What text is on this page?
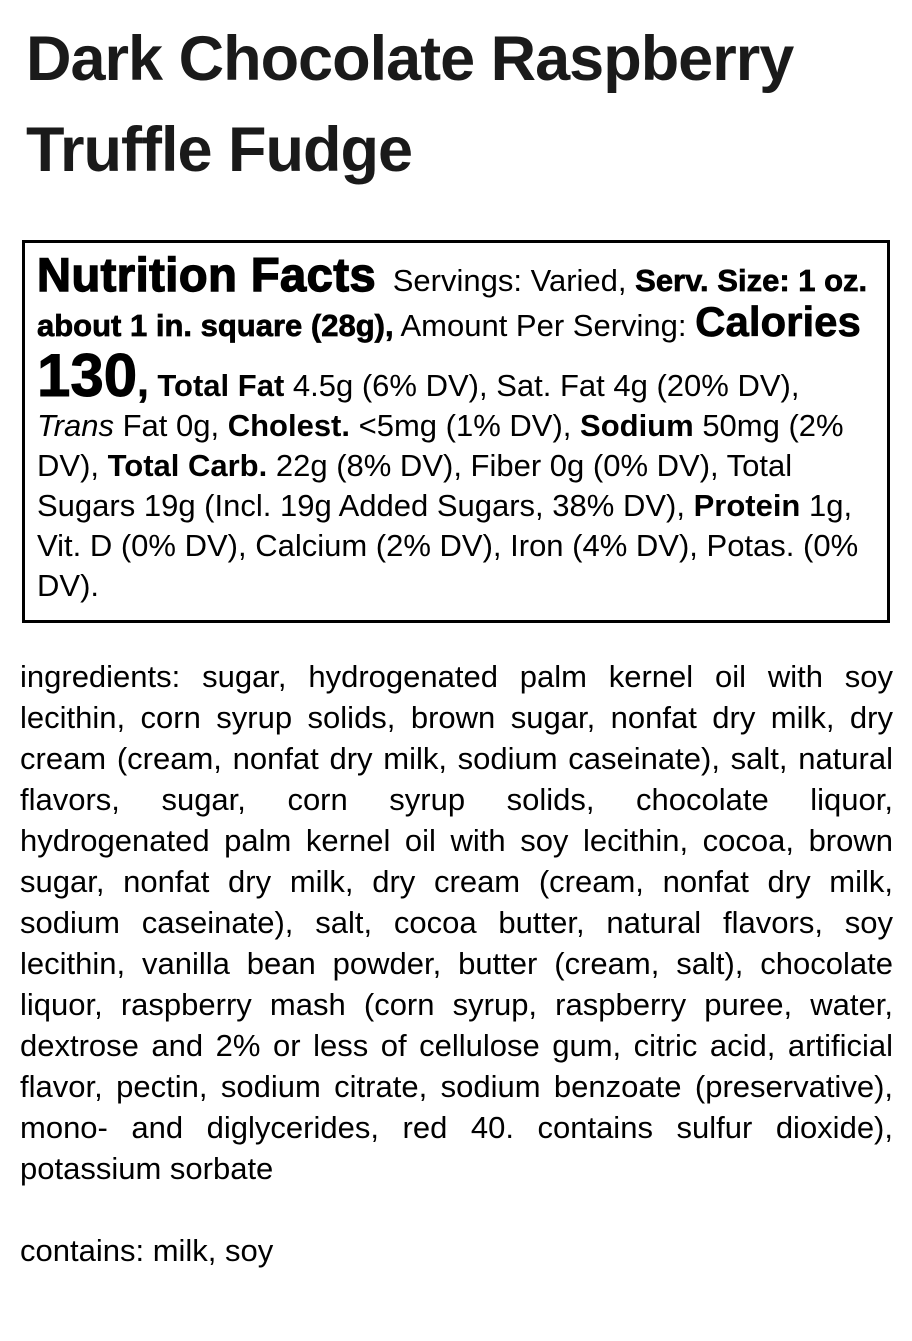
Dark Chocolate Raspberry Truffle Fudge

Nutrition Facts Servings: Varied, Serv. Size: 1 oz. about 1 in. square (28g), Amount Per Serving: Calories 130, Total Fat 4.5g (6% DV), Sat. Fat 4g (20% DV), Trans Fat 0g, Cholest. <5mg (1% DV), Sodium 50mg (2% DV), Total Carb. 22g (8% DV), Fiber 0g (0% DV), Total Sugars 19g (Incl. 19g Added Sugars, 38% DV), Protein 1g, Vit. D (0% DV), Calcium (2% DV), Iron (4% DV), Potas. (0% DV).

ingredients: sugar, hydrogenated palm kernel oil with soy lecithin, corn syrup solids, brown sugar, nonfat dry milk, dry cream (cream, nonfat dry milk, sodium caseinate), salt, natural flavors, sugar, corn syrup solids, chocolate liquor, hydrogenated palm kernel oil with soy lecithin, cocoa, brown sugar, nonfat dry milk, dry cream (cream, nonfat dry milk, sodium caseinate), salt, cocoa butter, natural flavors, soy lecithin, vanilla bean powder, butter (cream, salt), chocolate liquor, raspberry mash (corn syrup, raspberry puree, water, dextrose and 2% or less of cellulose gum, citric acid, artificial flavor, pectin, sodium citrate, sodium benzoate (preservative), mono- and diglycerides, red 40. contains sulfur dioxide), potassium sorbate

contains: milk, soy
